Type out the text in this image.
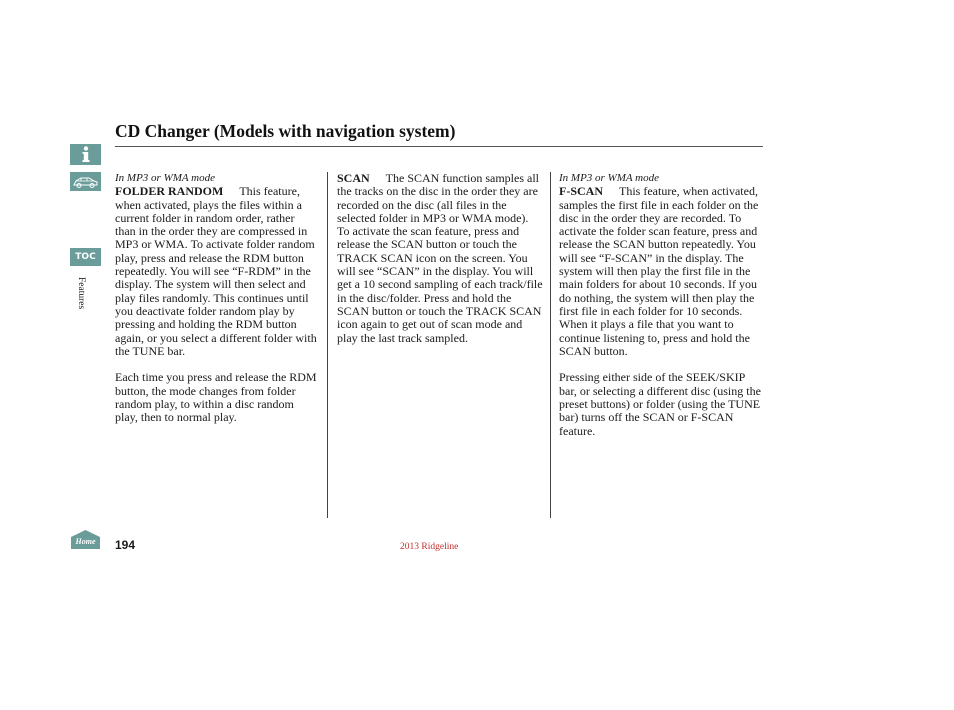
TOC
Features
Home
CD Changer (Models with navigation system)
In MP3 or WMA mode

FOLDER RANDOM This feature, when activated, plays the files within a current folder in random order, rather than in the order they are compressed in MP3 or WMA. To activate folder random play, press and release the RDM button repeatedly. You will see “F-RDM” in the display. The system will then select and play files randomly. This continues until you deactivate folder random play by pressing and holding the RDM button again, or you select a different folder with the TUNE bar.

Each time you press and release the RDM button, the mode changes from folder random play, to within a disc random play, then to normal play.

SCAN The SCAN function samples all the tracks on the disc in the order they are recorded on the disc (all files in the selected folder in MP3 or WMA mode). To activate the scan feature, press and release the SCAN button or touch the TRACK SCAN icon on the screen. You will see “SCAN” in the display. You will get a 10 second sampling of each track/file in the disc/folder. Press and hold the SCAN button or touch the TRACK SCAN icon again to get out of scan mode and play the last track sampled.

In MP3 or WMA mode

F-SCAN This feature, when activated, samples the first file in each folder on the disc in the order they are recorded. To activate the folder scan feature, press and release the SCAN button repeatedly. You will see “F-SCAN” in the display. The system will then play the first file in the main folders for about 10 seconds. If you do nothing, the system will then play the first file in each folder for 10 seconds. When it plays a file that you want to continue listening to, press and hold the SCAN button.

Pressing either side of the SEEK/SKIP bar, or selecting a different disc (using the preset buttons) or folder (using the TUNE bar) turns off the SCAN or F-SCAN feature.

194	2013 Ridgeline
